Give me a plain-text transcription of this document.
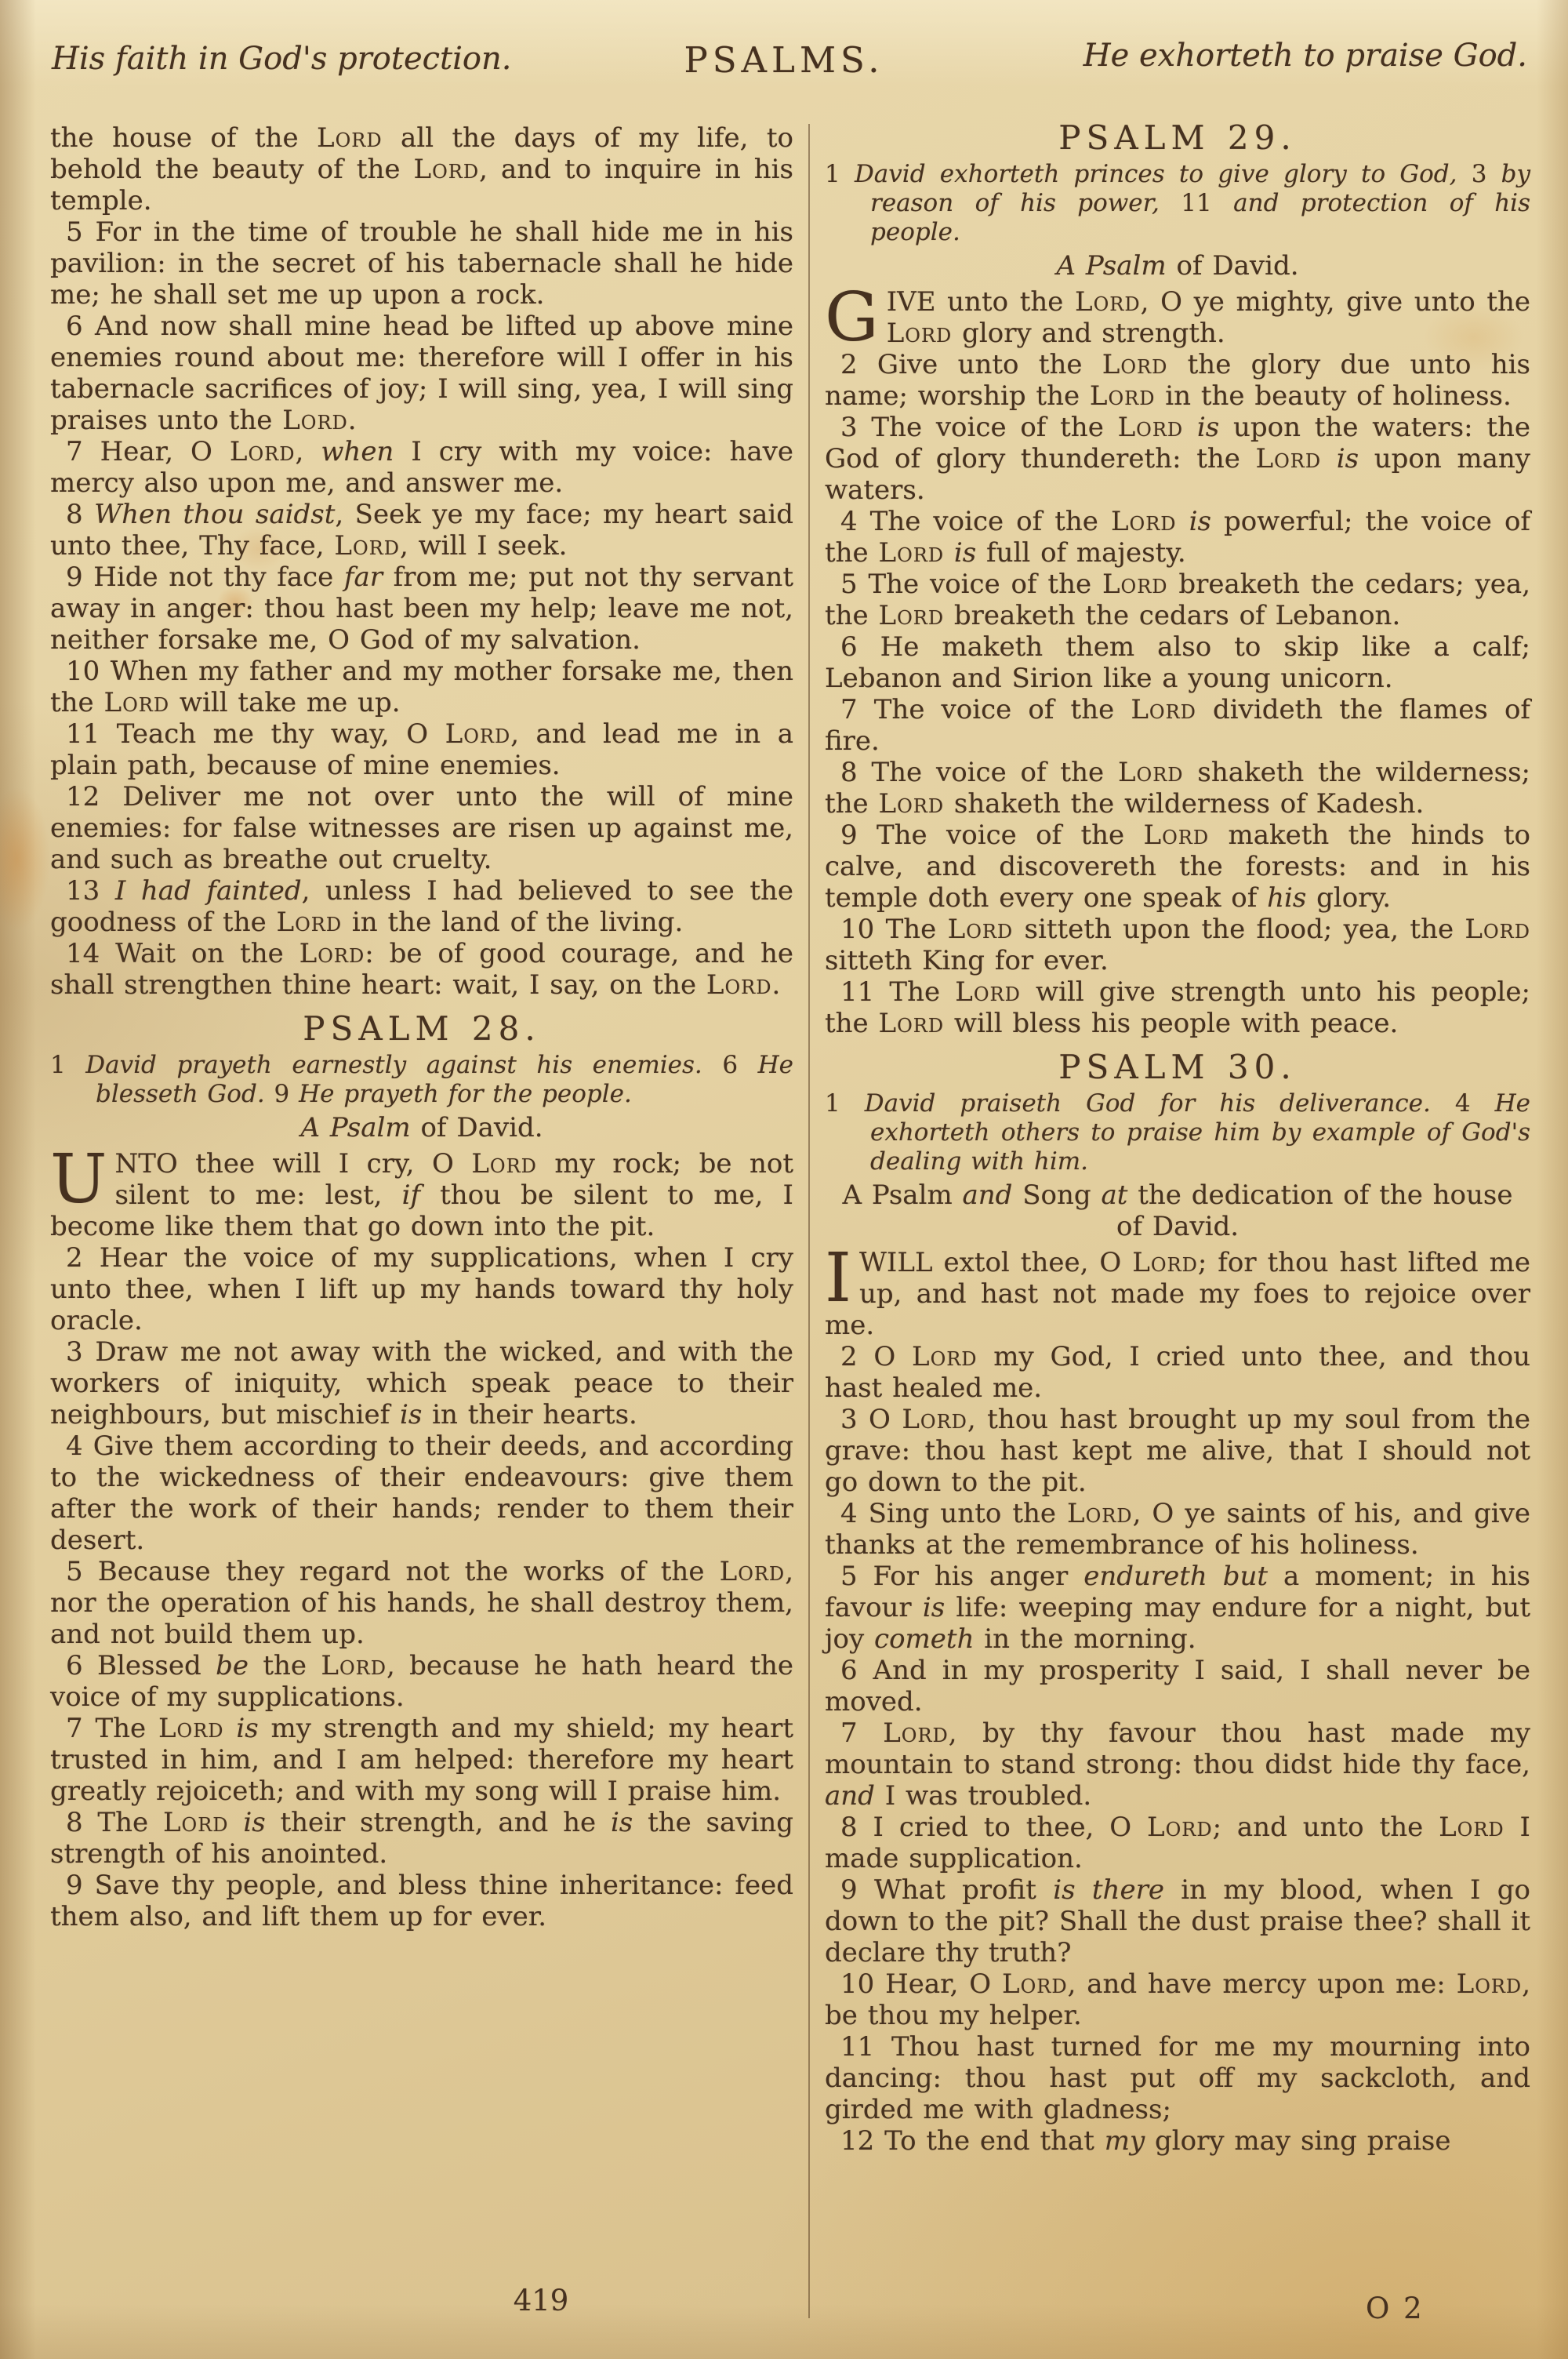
His faith in God's protection.	PSALMS.	He exhorteth to praise God.

the house of the Lord all the days of my life, to behold the beauty of the Lord, and to inquire in his temple.

5 For in the time of trouble he shall hide me in his pavilion: in the secret of his tabernacle shall he hide me; he shall set me up upon a rock.

6 And now shall mine head be lifted up above mine enemies round about me: therefore will I offer in his tabernacle sacrifices of joy; I will sing, yea, I will sing praises unto the Lord.

7 Hear, O Lord, when I cry with my voice: have mercy also upon me, and answer me.

8 When thou saidst, Seek ye my face; my heart said unto thee, Thy face, Lord, will I seek.

9 Hide not thy face far from me; put not thy servant away in anger: thou hast been my help; leave me not, neither forsake me, O God of my salvation.

10 When my father and my mother forsake me, then the Lord will take me up.

11 Teach me thy way, O Lord, and lead me in a plain path, because of mine enemies.

12 Deliver me not over unto the will of mine enemies: for false witnesses are risen up against me, and such as breathe out cruelty.

13 I had fainted, unless I had believed to see the goodness of the Lord in the land of the living.

14 Wait on the Lord: be of good courage, and he shall strengthen thine heart: wait, I say, on the Lord.

PSALM 28.

1 David prayeth earnestly against his enemies. 6 He blesseth God. 9 He prayeth for the people.

A Psalm of David.

UNTO thee will I cry, O Lord my rock; be not silent to me: lest, if thou be silent to me, I become like them that go down into the pit.

2 Hear the voice of my supplications, when I cry unto thee, when I lift up my hands toward thy holy oracle.

3 Draw me not away with the wicked, and with the workers of iniquity, which speak peace to their neighbours, but mischief is in their hearts.

4 Give them according to their deeds, and according to the wickedness of their endeavours: give them after the work of their hands; render to them their desert.

5 Because they regard not the works of the Lord, nor the operation of his hands, he shall destroy them, and not build them up.

6 Blessed be the Lord, because he hath heard the voice of my supplications.

7 The Lord is my strength and my shield; my heart trusted in him, and I am helped: therefore my heart greatly rejoiceth; and with my song will I praise him.

8 The Lord is their strength, and he is the saving strength of his anointed.

9 Save thy people, and bless thine inheritance: feed them also, and lift them up for ever.

PSALM 29.

1 David exhorteth princes to give glory to God, 3 by reason of his power, 11 and protection of his people.

A Psalm of David.

GIVE unto the Lord, O ye mighty, give unto the Lord glory and strength.

2 Give unto the Lord the glory due unto his name; worship the Lord in the beauty of holiness.

3 The voice of the Lord is upon the waters: the God of glory thundereth: the Lord is upon many waters.

4 The voice of the Lord is powerful; the voice of the Lord is full of majesty.

5 The voice of the Lord breaketh the cedars; yea, the Lord breaketh the cedars of Lebanon.

6 He maketh them also to skip like a calf; Lebanon and Sirion like a young unicorn.

7 The voice of the Lord divideth the flames of fire.

8 The voice of the Lord shaketh the wilderness; the Lord shaketh the wilderness of Kadesh.

9 The voice of the Lord maketh the hinds to calve, and discovereth the forests: and in his temple doth every one speak of his glory.

10 The Lord sitteth upon the flood; yea, the Lord sitteth King for ever.

11 The Lord will give strength unto his people; the Lord will bless his people with peace.

PSALM 30.

1 David praiseth God for his deliverance. 4 He exhorteth others to praise him by example of God's dealing with him.

A Psalm and Song at the dedication of the house of David.

IWILL extol thee, O Lord; for thou hast lifted me up, and hast not made my foes to rejoice over me.

2 O Lord my God, I cried unto thee, and thou hast healed me.

3 O Lord, thou hast brought up my soul from the grave: thou hast kept me alive, that I should not go down to the pit.

4 Sing unto the Lord, O ye saints of his, and give thanks at the remembrance of his holiness.

5 For his anger endureth but a moment; in his favour is life: weeping may endure for a night, but joy cometh in the morning.

6 And in my prosperity I said, I shall never be moved.

7 Lord, by thy favour thou hast made my mountain to stand strong: thou didst hide thy face, and I was troubled.

8 I cried to thee, O Lord; and unto the Lord I made supplication.

9 What profit is there in my blood, when I go down to the pit? Shall the dust praise thee? shall it declare thy truth?

10 Hear, O Lord, and have mercy upon me: Lord, be thou my helper.

11 Thou hast turned for me my mourning into dancing: thou hast put off my sackcloth, and girded me with gladness;

12 To the end that my glory may sing praise

419	O 2
